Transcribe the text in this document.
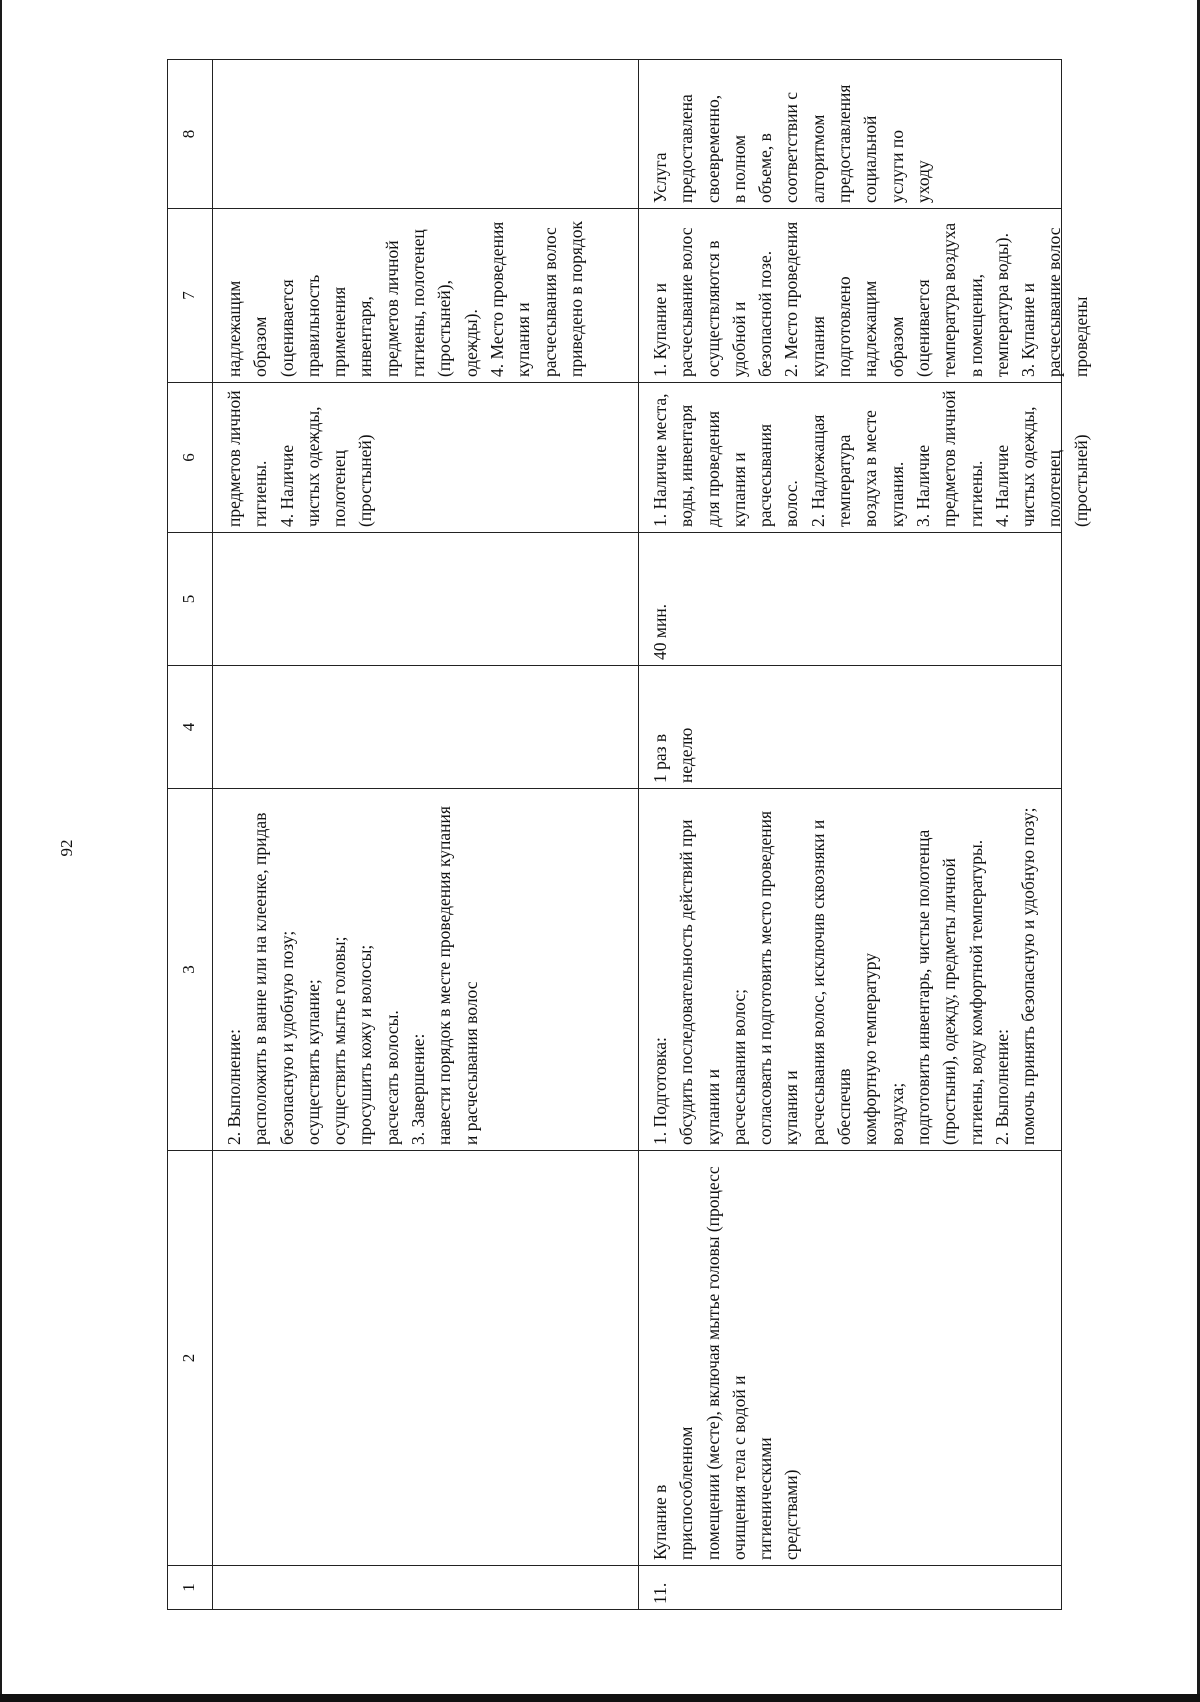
92
1
2
3
4
5
6
7
8
2. Выполнение:
расположить в ванне или на клеенке, придав безопасную и удобную позу;
осуществить купание;
осуществить мытье головы;
просушить кожу и волосы;
расчесать волосы.
3. Завершение:
навести порядок в месте проведения купания и расчесывания волос
предметов личной гигиены.
4. Наличие чистых одежды,
полотенец
(простыней)
надлежащим
образом
(оценивается
правильность
применения
инвентаря,
предметов личной гигиены, полотенец
(простыней),
одежды).
4. Место проведения купания и
расчесывания волос приведено в порядок
11.
Купание в
приспособленном
помещении (месте), включая мытье головы (процесс очищения тела с водой и
гигиеническими
средствами)
1. Подготовка:
обсудить последовательность действий при купании и
расчесывании волос;
согласовать и подготовить место проведения купания и
расчесывания волос, исключив сквозняки и обеспечив
комфортную температуру
воздуха;
подготовить инвентарь, чистые полотенца (простыни), одежду, предметы личной гигиены, воду комфортной температуры.
2. Выполнение:
помочь принять безопасную и удобную позу;
1 раз в
неделю
40 мин.
1. Наличие места, воды, инвентаря для проведения купания и
расчесывания
волос.
2. Надлежащая
температура
воздуха в месте
купания.
3. Наличие
предметов личной гигиены.
4. Наличие чистых одежды,
полотенец
(простыней)
1. Купание и
расчесывание волос осуществляются в
удобной и
безопасной позе.
2. Место проведения купания
подготовлено
надлежащим
образом
(оценивается
температура воздуха в помещении,
температура воды).
3. Купание и
расчесывание волос проведены
Услуга
предоставлена своевременно,
в полном
объеме, в
соответствии с алгоритмом
предоставления социальной
услуги по
уходу
